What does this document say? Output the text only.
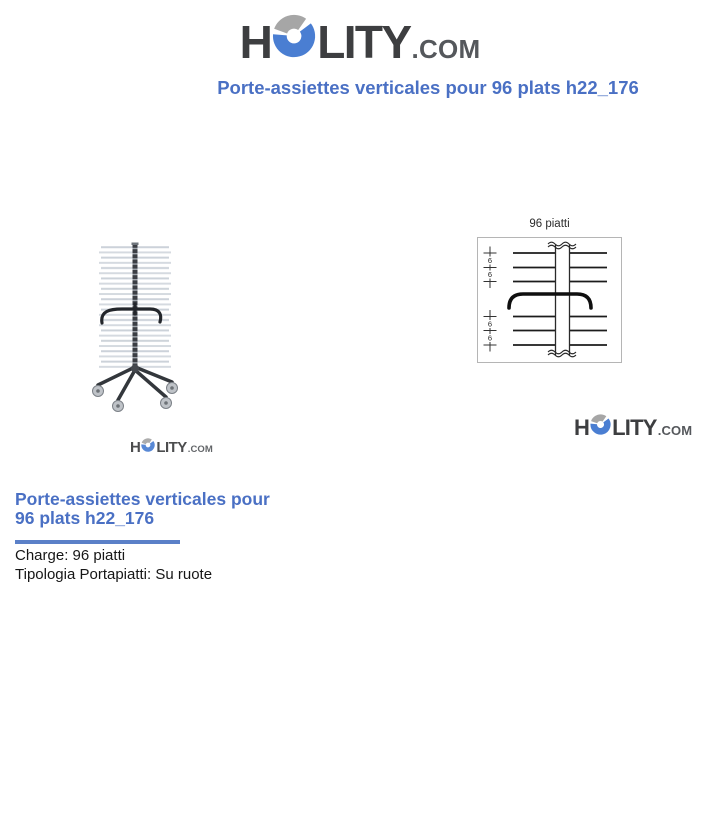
H LITY .COM
Porte-assiettes verticales pour 96 plats h22_176
H LITY .COM
96 piatti
6
6
6
6
H LITY .COM
Porte-assiettes verticales pour
96 plats h22_176
Charge: 96 piatti
Tipologia Portapiatti: Su ruote
